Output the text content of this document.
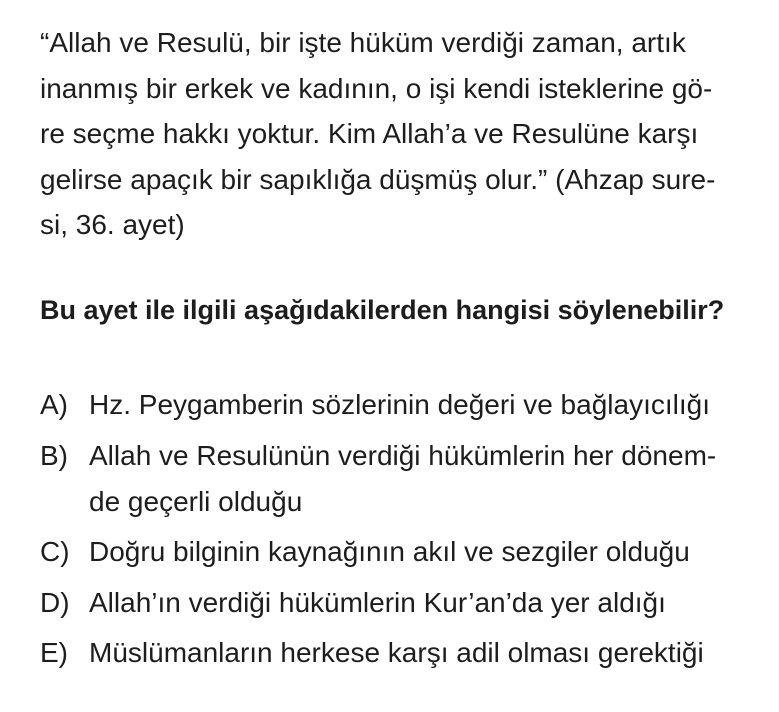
“Allah ve Resulü, bir işte hüküm verdiği zaman, artık
inanmış bir erkek ve kadının, o işi kendi isteklerine gö-
re seçme hakkı yoktur. Kim Allah’a ve Resulüne karşı
gelirse apaçık bir sapıklığa düşmüş olur.” (Ahzap sure-
si, 36. ayet)
Bu ayet ile ilgili aşağıdakilerden hangisi söylenebilir?
A) Hz. Peygamberin sözlerinin değeri ve bağlayıcılığı
B) Allah ve Resulünün verdiği hükümlerin her dönem-
de geçerli olduğu
C) Doğru bilginin kaynağının akıl ve sezgiler olduğu
D) Allah’ın verdiği hükümlerin Kur’an’da yer aldığı
E) Müslümanların herkese karşı adil olması gerektiği
